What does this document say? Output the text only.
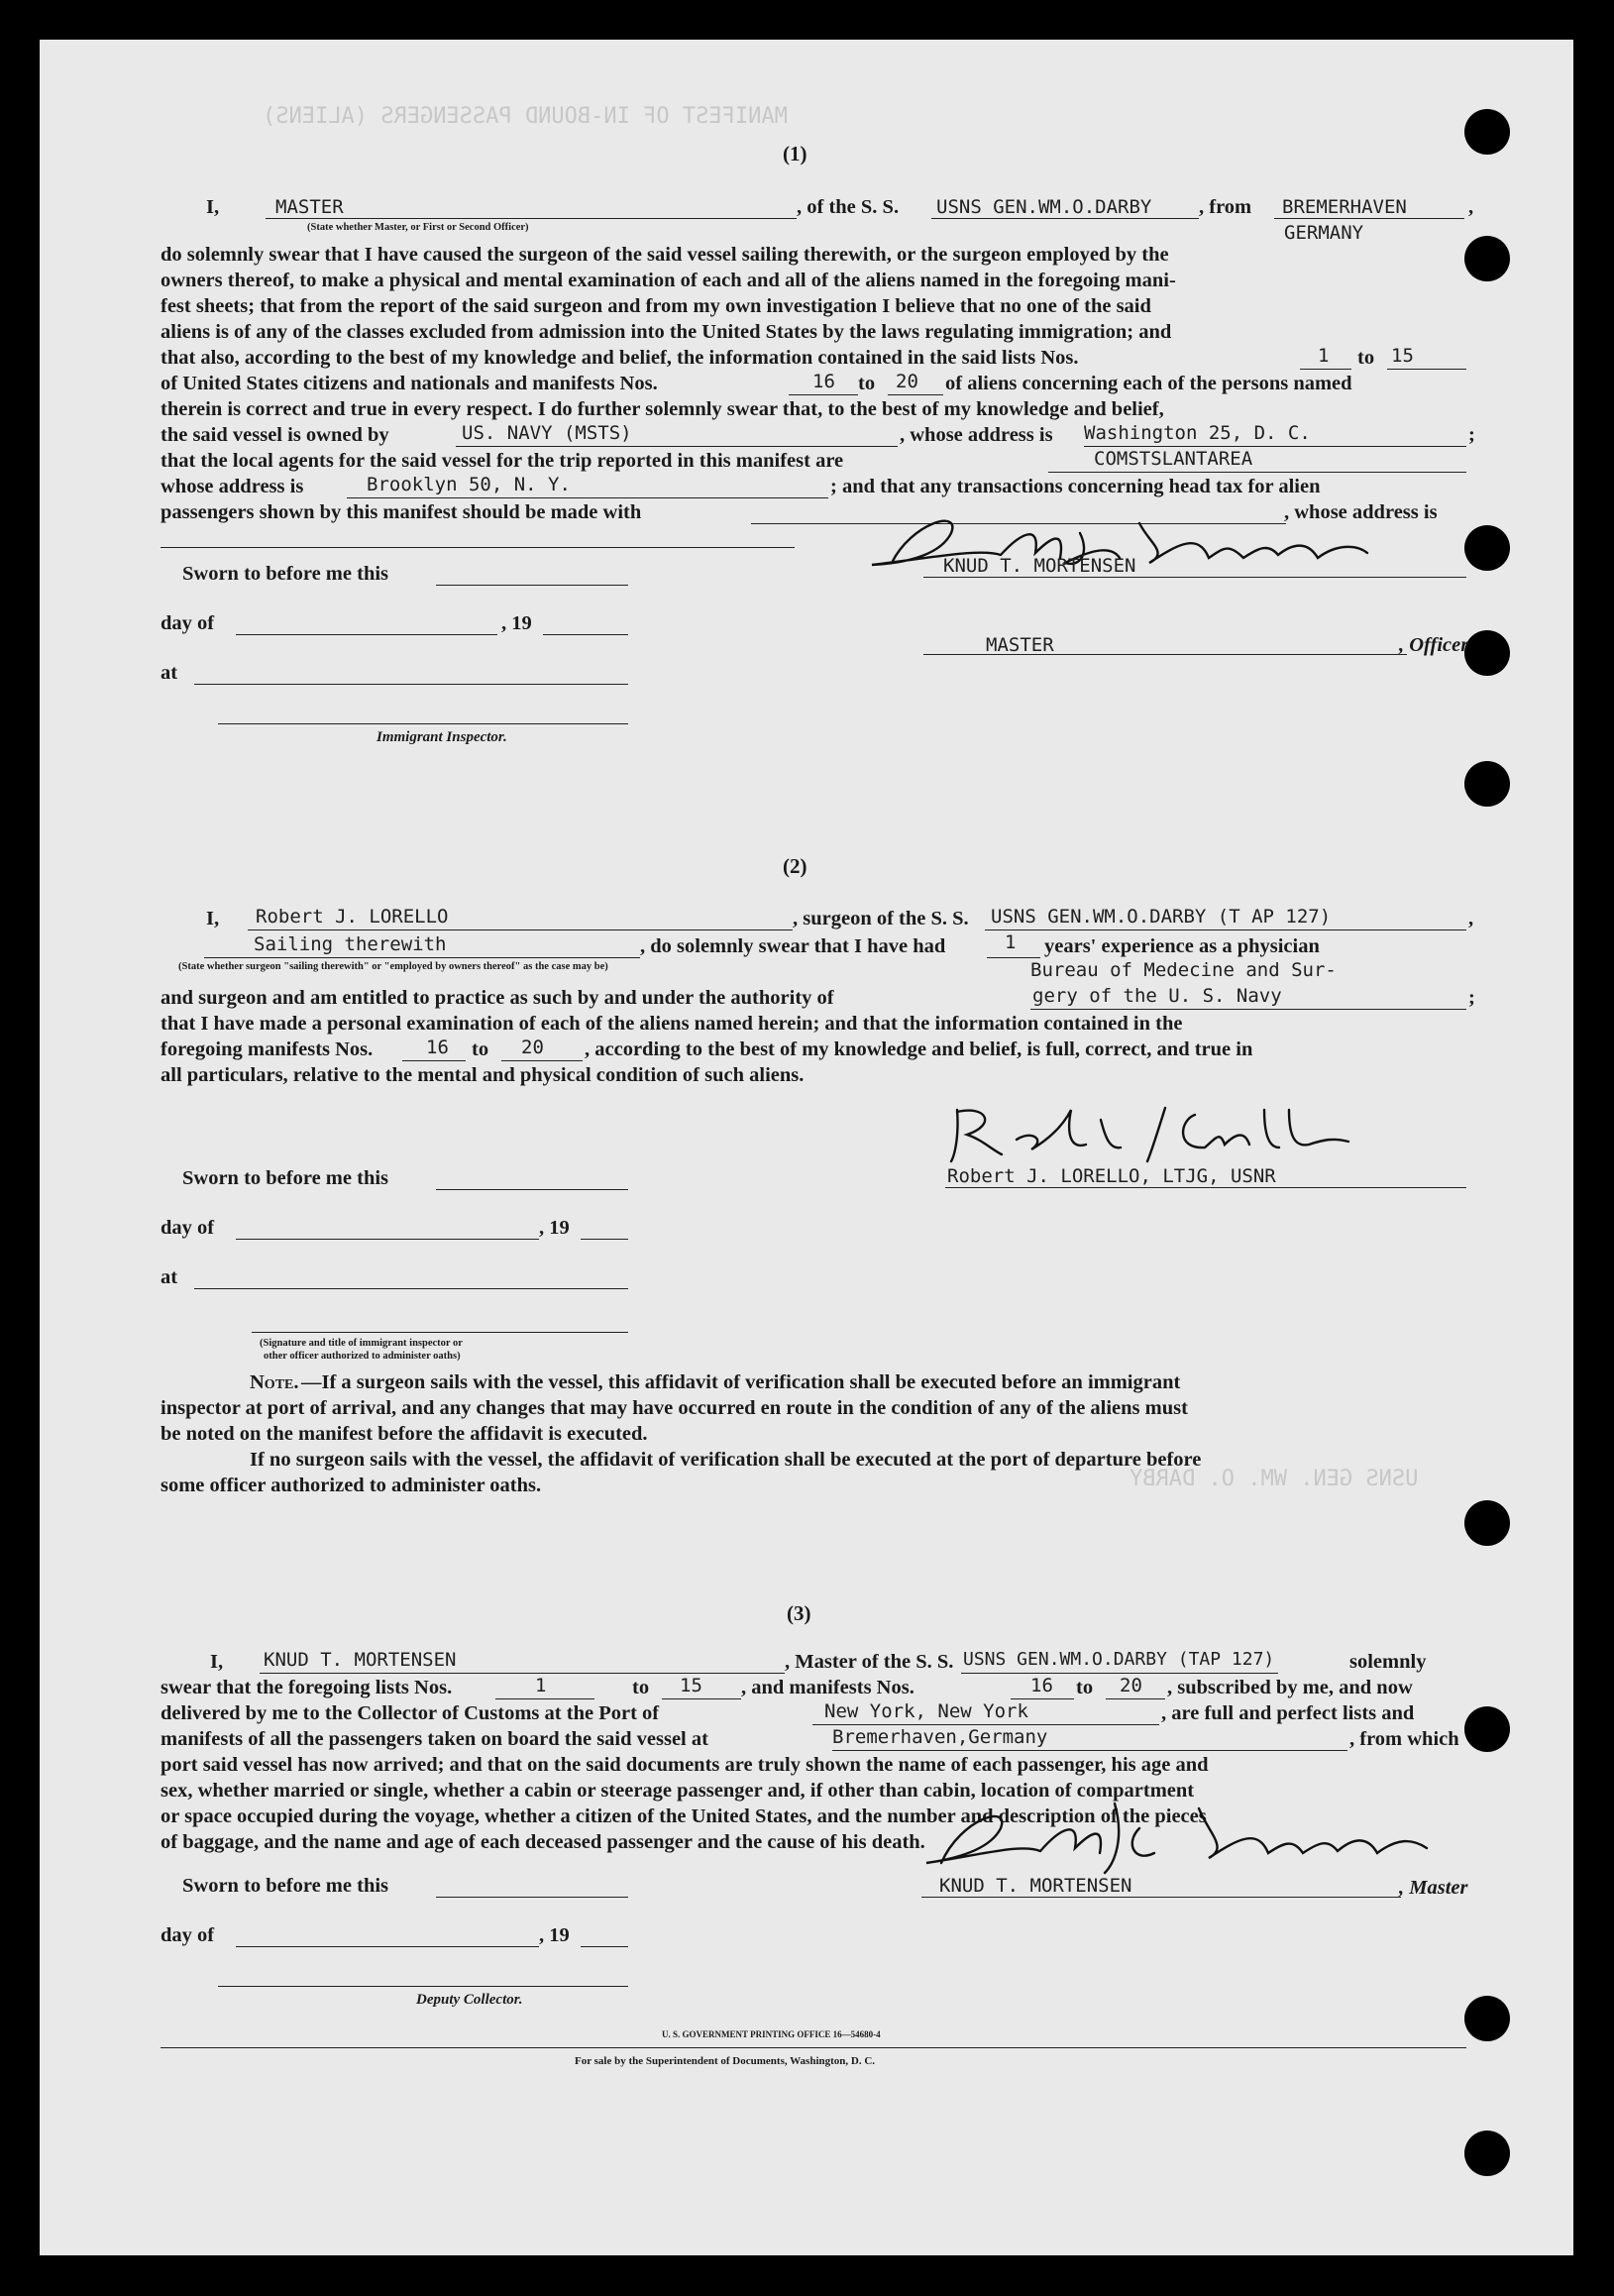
MANIFEST OF IN-BOUND PASSENGERS (ALIENS)
USNS GEN. WM. O. DARBY
(1)
I,	MASTER	, of the S. S. USNS GEN.WM.O.DARBY , from BREMERHAVEN	,
(State whether Master, or First or Second Officer)	GERMANY
do solemnly swear that I have caused the surgeon of the said vessel sailing therewith, or the surgeon employed by the
owners thereof, to make a physical and mental examination of each and all of the aliens named in the foregoing mani-
fest sheets; that from the report of the said surgeon and from my own investigation I believe that no one of the said
aliens is of any of the classes excluded from admission into the United States by the laws regulating immigration; and
that also, according to the best of my knowledge and belief, the information contained in the said lists Nos.	1 to 15
of United States citizens and nationals and manifests Nos.	16 to 20 of aliens concerning each of the persons named
therein is correct and true in every respect. I do further solemnly swear that, to the best of my knowledge and belief,
the said vessel is owned by	US. NAVY (MSTS)	, whose address is Washington 25, D. C.	;
that the local agents for the said vessel for the trip reported in this manifest are	COMSTSLANTAREA
whose address is	Brooklyn 50, N. Y.	; and that any transactions concerning head tax for alien
passengers shown by this manifest should be made with	, whose address is
KNUD T. MORTENSEN
Sworn to before me this
day of	, 19
MASTER	, Officer
at
Immigrant Inspector.
(2)
I, Robert J. LORELLO	, surgeon of the S. S. USNS GEN.WM.O.DARBY (T AP 127)	,
Sailing therewith	, do solemnly swear that I have had	1 years' experience as a physician
(State whether surgeon "sailing therewith" or "employed by owners thereof" as the case may be)	Bureau of Medecine and Sur-
and surgeon and am entitled to practice as such by and under the authority of	gery of the U. S. Navy	;
that I have made a personal examination of each of the aliens named herein; and that the information contained in the
foregoing manifests Nos.	16 to 20 , according to the best of my knowledge and belief, is full, correct, and true in
all particulars, relative to the mental and physical condition of such aliens.
Robert J. LORELLO, LTJG, USNR
Sworn to before me this
day of	, 19
at
(Signature and title of immigrant inspector or
other officer authorized to administer oaths)
Note. —If a surgeon sails with the vessel, this affidavit of verification shall be executed before an immigrant
inspector at port of arrival, and any changes that may have occurred en route in the condition of any of the aliens must
be noted on the manifest before the affidavit is executed.
If no surgeon sails with the vessel, the affidavit of verification shall be executed at the port of departure before
some officer authorized to administer oaths.
(3)
I, KNUD T. MORTENSEN	, Master of the S. S. USNS GEN.WM.O.DARBY (TAP 127)	solemnly
swear that the foregoing lists Nos.	1	to 15 , and manifests Nos.	16 to 20 , subscribed by me, and now
delivered by me to the Collector of Customs at the Port of	New York, New York	, are full and perfect lists and
manifests of all the passengers taken on board the said vessel at	Bremerhaven,Germany	, from which
port said vessel has now arrived; and that on the said documents are truly shown the name of each passenger, his age and
sex, whether married or single, whether a cabin or steerage passenger and, if other than cabin, location of compartment
or space occupied during the voyage, whether a citizen of the United States, and the number and description of the pieces
of baggage, and the name and age of each deceased passenger and the cause of his death.
KNUD T. MORTENSEN	, Master
Sworn to before me this
day of	, 19
Deputy Collector.
U. S. GOVERNMENT PRINTING OFFICE 16—54680-4
For sale by the Superintendent of Documents, Washington, D. C.
